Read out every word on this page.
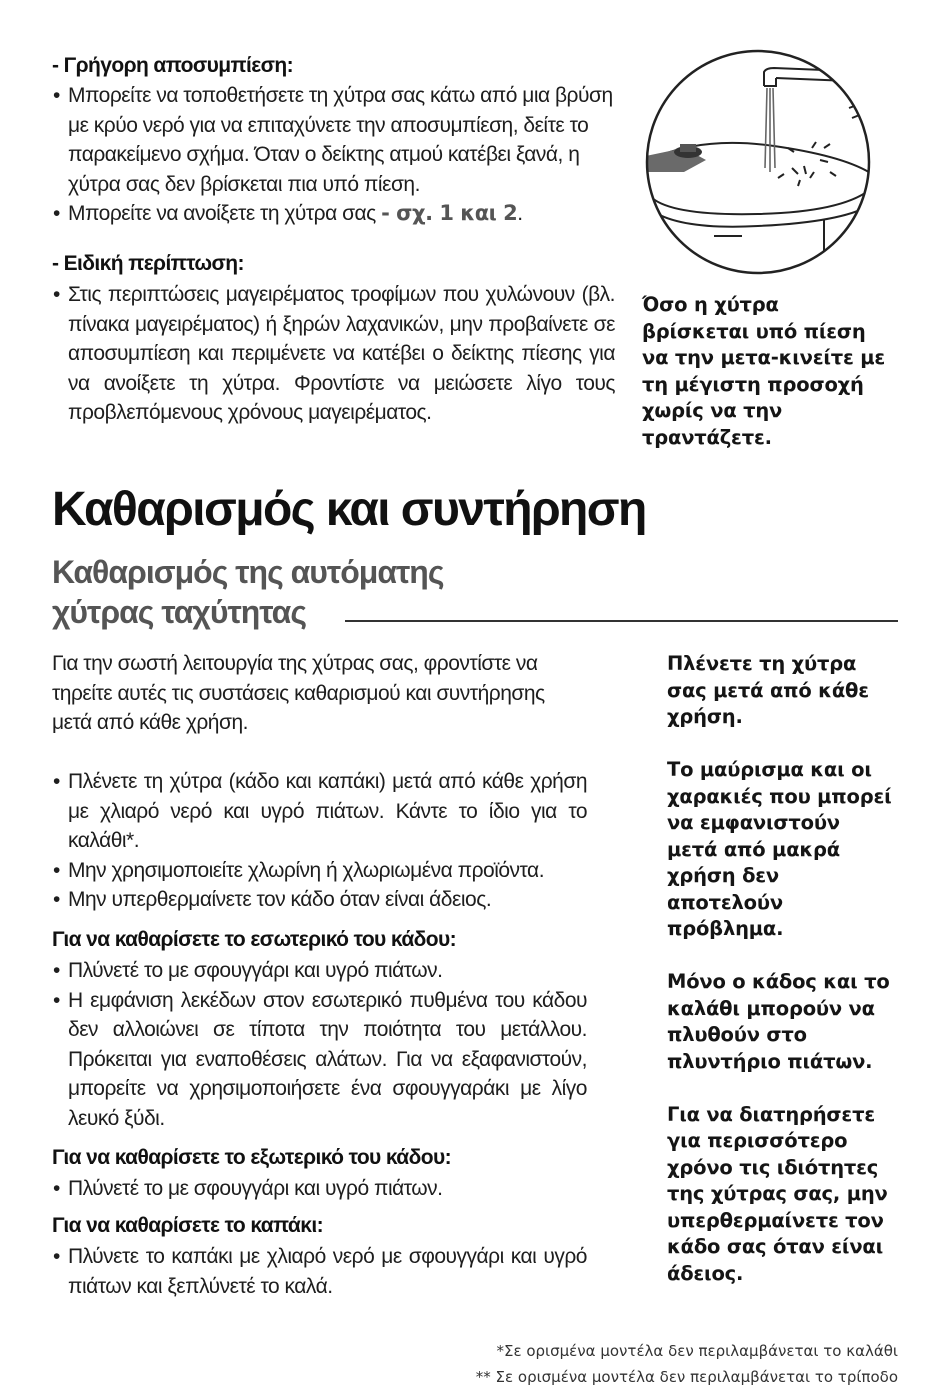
- Γρήγορη αποσυμπίεση:
• Μπορείτε να τοποθετήσετε τη χύτρα σας κάτω από μια βρύση με κρύο νερό για να επιταχύνετε την αποσυμπίεση, δείτε το παρακείμενο σχήμα. Όταν ο δείκτης ατμού κατέβει ξανά, η χύτρα σας δεν βρίσκεται πια υπό πίεση.
• Μπορείτε να ανοίξετε τη χύτρα σας - σχ. 1 και 2.
- Ειδική περίπτωση:
• Στις περιπτώσεις μαγειρέματος τροφίμων που χυλώνουν (βλ. πίνακα μαγειρέματος) ή ξηρών λαχανικών, μην προβαίνετε σε αποσυμπίεση και περιμένετε να κατέβει ο δείκτης πίεσης για να ανοίξετε τη χύτρα. Φροντίστε να μειώσετε λίγο τους προβλεπόμενους χρόνους μαγειρέματος.
Όσο η χύτρα βρίσκεται υπό πίεση να την μετα-κινείτε με τη μέγιστη προσοχή χωρίς να την τραντάζετε.
Καθαρισμός και συντήρηση
Καθαρισμός της αυτόματης
χύτρας ταχύτητας
Για την σωστή λειτουργία της χύτρας σας, φροντίστε να τηρείτε αυτές τις συστάσεις καθαρισμού και συντήρησης μετά από κάθε χρήση.
• Πλένετε τη χύτρα (κάδο και καπάκι) μετά από κάθε χρήση με χλιαρό νερό και υγρό πιάτων. Κάντε το ίδιο για το καλάθι*.
• Μην χρησιμοποιείτε χλωρίνη ή χλωριωμένα προϊόντα.
• Μην υπερθερμαίνετε τον κάδο όταν είναι άδειος.
Για να καθαρίσετε το εσωτερικό του κάδου:
• Πλύνετέ το με σφουγγάρι και υγρό πιάτων.
• Η εμφάνιση λεκέδων στον εσωτερικό πυθμένα του κάδου δεν αλλοιώνει σε τίποτα την ποιότητα του μετάλλου. Πρόκειται για εναποθέσεις αλάτων. Για να εξαφανιστούν, μπορείτε να χρησιμοποιήσετε ένα σφουγγαράκι με λίγο λευκό ξύδι.
Για να καθαρίσετε το εξωτερικό του κάδου:
• Πλύνετέ το με σφουγγάρι και υγρό πιάτων.
Για να καθαρίσετε το καπάκι:
• Πλύνετε το καπάκι με χλιαρό νερό με σφουγγάρι και υγρό πιάτων και ξεπλύνετέ το καλά.

Πλένετε τη χύτρα σας μετά από κάθε χρήση.

Το μαύρισμα και οι χαρακιές που μπορεί να εμφανιστούν μετά από μακρά χρήση δεν αποτελούν πρόβλημα.

Μόνο ο κάδος και το καλάθι μπορούν να πλυθούν στο πλυντήριο πιάτων.

Για να διατηρήσετε για περισσότερο χρόνο τις ιδιότητες της χύτρας σας, μην υπερθερμαίνετε τον κάδο σας όταν είναι άδειος.

*Σε ορισμένα μοντέλα δεν περιλαμβάνεται το καλάθι
** Σε ορισμένα μοντέλα δεν περιλαμβάνεται το τρίποδο
